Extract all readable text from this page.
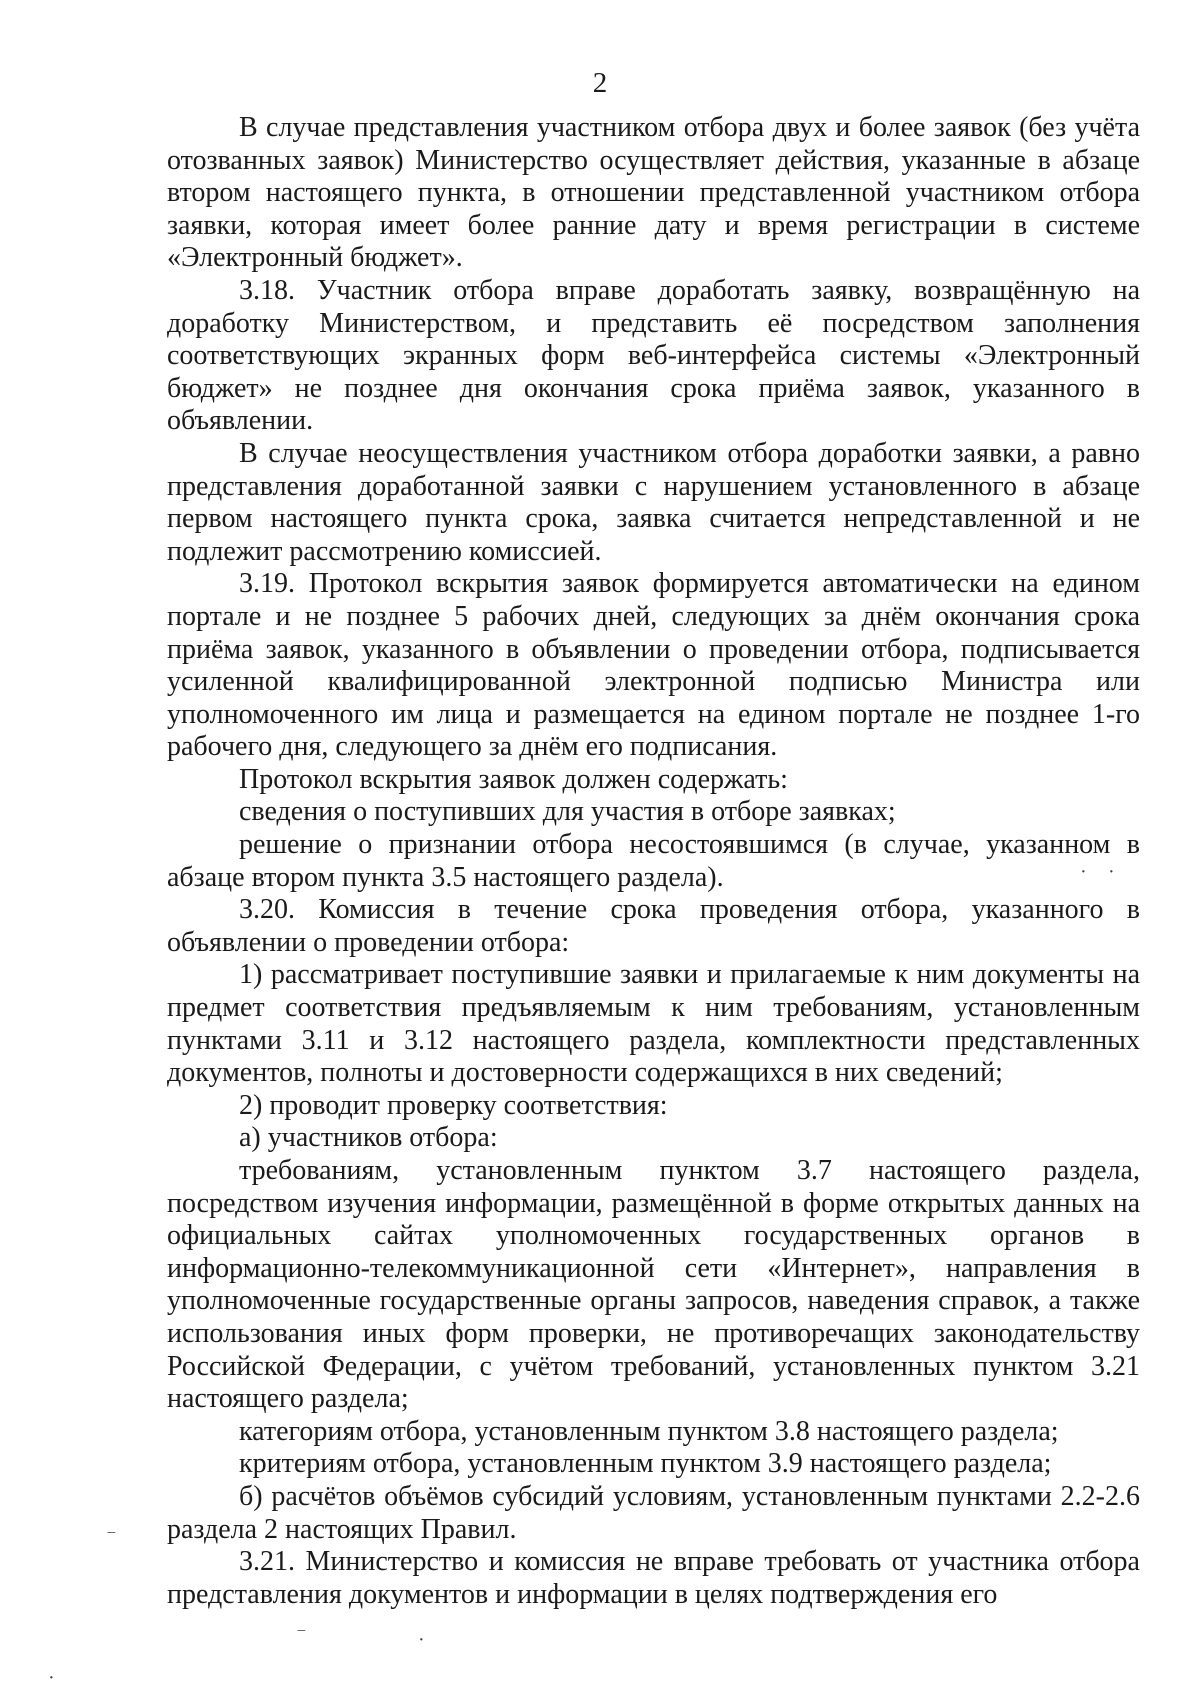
2

В случае представления участником отбора двух и более заявок (без учёта отозванных заявок) Министерство осуществляет действия, указанные в абзаце втором настоящего пункта, в отношении представленной участником отбора заявки, которая имеет более ранние дату и время регистрации в системе «Электронный бюджет».

3.18. Участник отбора вправе доработать заявку, возвращённую на доработку Министерством, и представить её посредством заполнения соответствующих экранных форм веб-интерфейса системы «Электронный бюджет» не позднее дня окончания срока приёма заявок, указанного в объявлении.

В случае неосуществления участником отбора доработки заявки, а равно представления доработанной заявки с нарушением установленного в абзаце первом настоящего пункта срока, заявка считается непредставленной и не подлежит рассмотрению комиссией.

3.19. Протокол вскрытия заявок формируется автоматически на едином портале и не позднее 5 рабочих дней, следующих за днём окончания срока приёма заявок, указанного в объявлении о проведении отбора, подписывается усиленной квалифицированной электронной подписью Министра или уполномоченного им лица и размещается на едином портале не позднее 1-го рабочего дня, следующего за днём его подписания.

Протокол вскрытия заявок должен содержать:

сведения о поступивших для участия в отборе заявках;

решение о признании отбора несостоявшимся (в случае, указанном в абзаце втором пункта 3.5 настоящего раздела).

3.20. Комиссия в течение срока проведения отбора, указанного в объявлении о проведении отбора:

1) рассматривает поступившие заявки и прилагаемые к ним документы на предмет соответствия предъявляемым к ним требованиям, установленным пунктами 3.11 и 3.12 настоящего раздела, комплектности представленных документов, полноты и достоверности содержащихся в них сведений;

2) проводит проверку соответствия:

а) участников отбора:

требованиям, установленным пунктом 3.7 настоящего раздела, посредством изучения информации, размещённой в форме открытых данных на официальных сайтах уполномоченных государственных органов в информационно-телекоммуникационной сети «Интернет», направления в уполномоченные государственные органы запросов, наведения справок, а также использования иных форм проверки, не противоречащих законодательству Российской Федерации, с учётом требований, установленных пунктом 3.21 настоящего раздела;

категориям отбора, установленным пунктом 3.8 настоящего раздела;

критериям отбора, установленным пунктом 3.9 настоящего раздела;

б) расчётов объёмов субсидий условиям, установленным пунктами 2.2-2.6 раздела 2 настоящих Правил.

3.21. Министерство и комиссия не вправе требовать от участника отбора представления документов и информации в целях подтверждения его

· ·
‾
‾	·
·
